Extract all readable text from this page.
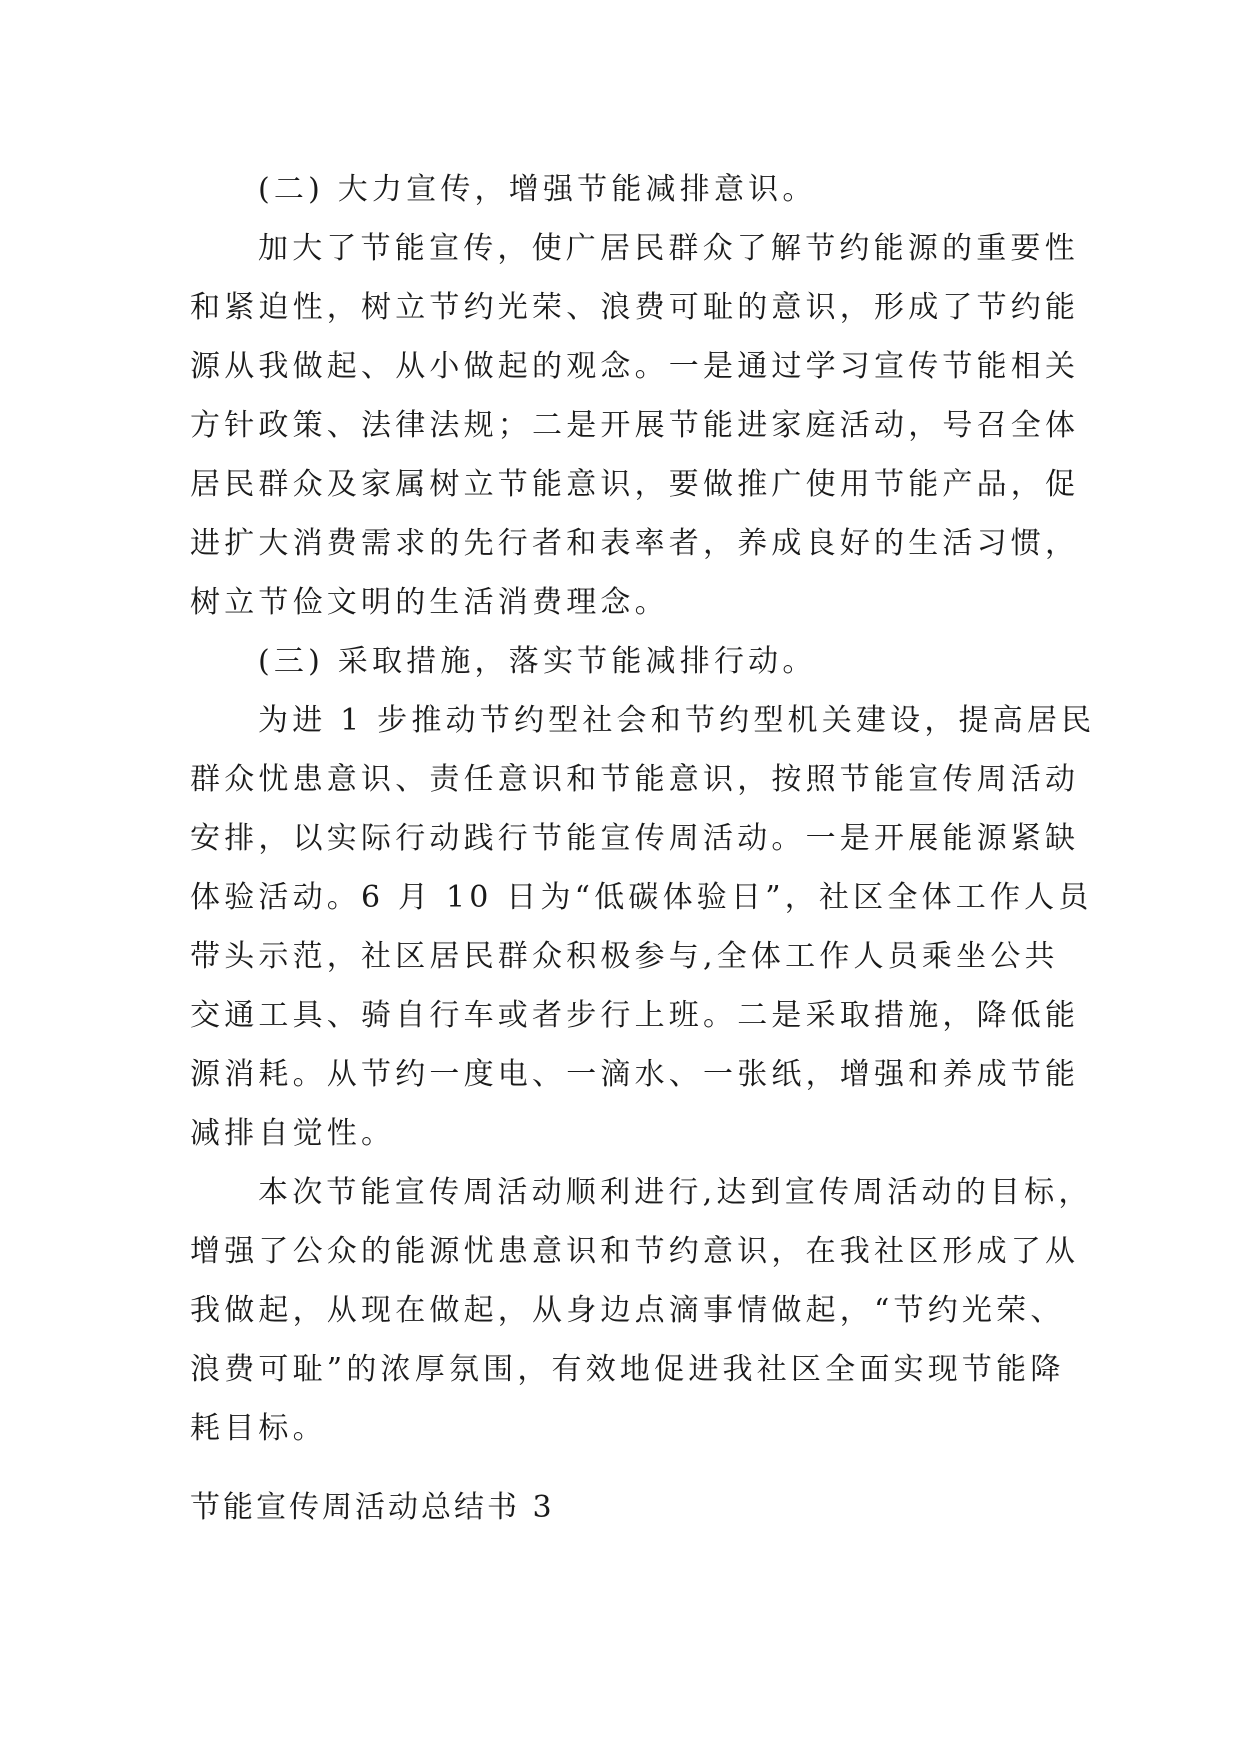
(二) 大力宣传，增强节能减排意识。

加大了节能宣传，使广居民群众了解节约能源的重要性

和紧迫性，树立节约光荣、浪费可耻的意识，形成了节约能

源从我做起、从小做起的观念。一是通过学习宣传节能相关

方针政策、法律法规；二是开展节能进家庭活动，号召全体

居民群众及家属树立节能意识，要做推广使用节能产品，促

进扩大消费需求的先行者和表率者，养成良好的生活习惯，

树立节俭文明的生活消费理念。

(三) 采取措施，落实节能减排行动。

为进 1 步推动节约型社会和节约型机关建设，提高居民

群众忧患意识、责任意识和节能意识，按照节能宣传周活动

安排，以实际行动践行节能宣传周活动。一是开展能源紧缺

体验活动。6 月 10 日为“低碳体验日”，社区全体工作人员

带头示范，社区居民群众积极参与,全体工作人员乘坐公共

交通工具、骑自行车或者步行上班。二是采取措施，降低能

源消耗。从节约一度电、一滴水、一张纸，增强和养成节能

减排自觉性。

本次节能宣传周活动顺利进行,达到宣传周活动的目标，

增强了公众的能源忧患意识和节约意识，在我社区形成了从

我做起，从现在做起，从身边点滴事情做起，“节约光荣、

浪费可耻”的浓厚氛围，有效地促进我社区全面实现节能降

耗目标。

节能宣传周活动总结书 3
